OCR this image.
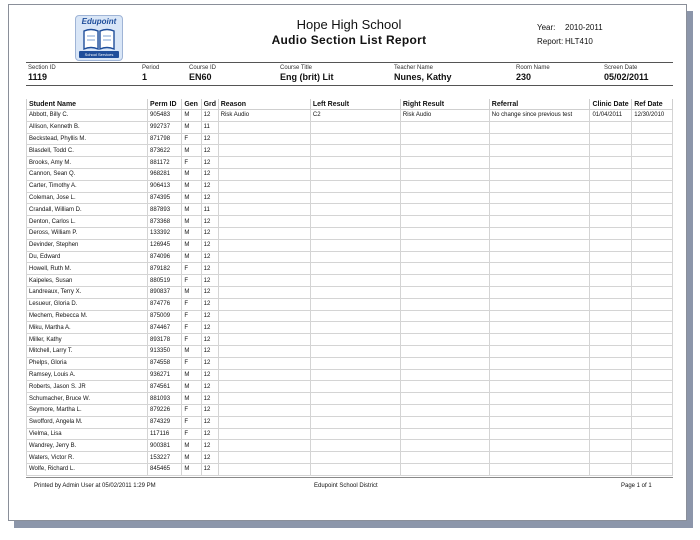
Edupoint
School Services
Hope High School
Audio Section List Report
Year: 2010-2011
Report: HLT410
Section ID
1119
Period
1
Course ID
EN60
Course Title
Eng (brit) Lit
Teacher Name
Nunes, Kathy
Room Name
230
Screen Date
05/02/2011
Student Name	Perm ID	Gen	Grd	Reason	Left Result	Right Result	Referral	Clinic Date	Ref Date
Abbott, Billy C.	905483	M	12	Risk Audio	C2	Risk Audio	No change since previous test	01/04/2011	12/30/2010
Allison, Kenneth B.	992737	M	11						
Beckstead, Phyllis M.	871798	F	12						
Blasdell, Todd C.	873622	M	12						
Brooks, Amy M.	881172	F	12						
Cannon, Sean Q.	968281	M	12						
Carter, Timothy A.	906413	M	12						
Coleman, Jose L.	874395	M	12						
Crandall, William D.	887893	M	11						
Denton, Carlos L.	873368	M	12						
Deross, William P.	133392	M	12						
Devinder, Stephen	126945	M	12						
Du, Edward	874096	M	12						
Howell, Ruth M.	879182	F	12						
Kaipeles, Susan	880519	F	12						
Landreaux, Terry X.	890837	M	12						
Lesueur, Gloria D.	874776	F	12						
Mechem, Rebecca M.	875009	F	12						
Miku, Martha A.	874467	F	12						
Miller, Kathy	893178	F	12						
Mitchell, Larry T.	913350	M	12						
Phelps, Gloria	874558	F	12						
Ramsey, Louis A.	936271	M	12						
Roberts, Jason S. JR	874561	M	12						
Schumacher, Bruce W.	881093	M	12						
Seymore, Martha L.	879226	F	12						
Swofford, Angela M.	874329	F	12						
Vielma, Lisa	117116	F	12						
Wandrey, Jerry B.	900381	M	12						
Waters, Victor R.	153227	M	12						
Wolfe, Richard L.	845465	M	12						
Printed by Admin User at 05/02/2011 1:29 PM	Edupoint School District	Page 1 of 1
